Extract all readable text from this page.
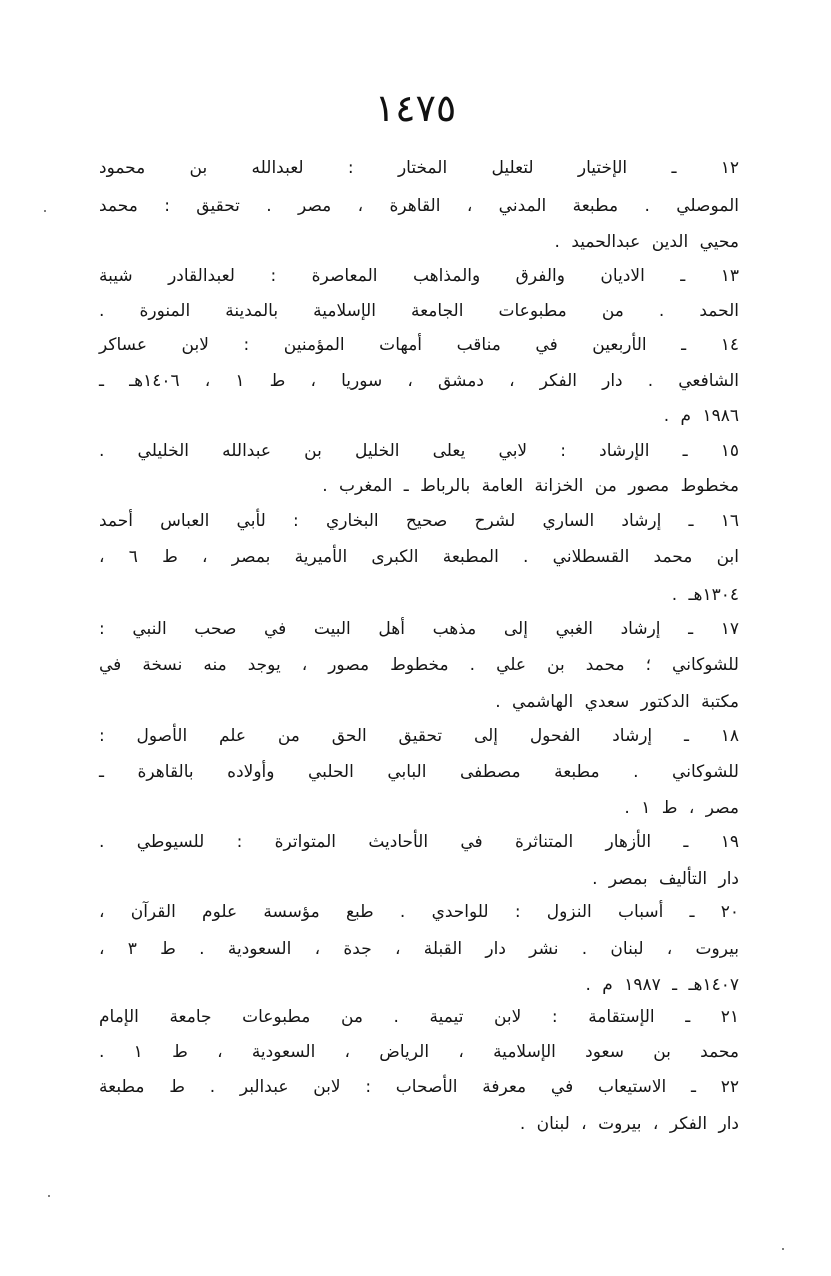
١٤٧٥
١٢ ـ الإختيار لتعليل المختار : لعبدالله بن محمود
الموصلي . مطبعة المدني ، القاهرة ، مصر . تحقيق : محمد
محيي الدين عبدالحميد .
١٣ ـ الاديان والفرق والمذاهب المعاصرة : لعبدالقادر شيبة
الحمد . من مطبوعات الجامعة الإسلامية بالمدينة المنورة .
١٤ ـ الأربعين في مناقب أمهات المؤمنين : لابن عساكر
الشافعي . دار الفكر ، دمشق ، سوريا ، ط ١ ، ١٤٠٦هـ ـ
١٩٨٦ م .
١٥ ـ الإرشاد : لابي يعلى الخليل بن عبدالله الخليلي .
مخطوط مصور من الخزانة العامة بالرباط ـ المغرب .
١٦ ـ إرشاد الساري لشرح صحيح البخاري : لأبي العباس أحمد
ابن محمد القسطلاني . المطبعة الكبرى الأميرية بمصر ، ط ٦ ،
١٣٠٤هـ .
١٧ ـ إرشاد الغبي إلى مذهب أهل البيت في صحب النبي :
للشوكاني ؛ محمد بن علي . مخطوط مصور ، يوجد منه نسخة في
مكتبة الدكتور سعدي الهاشمي .
١٨ ـ إرشاد الفحول إلى تحقيق الحق من علم الأصول :
للشوكاني . مطبعة مصطفى البابي الحلبي وأولاده بالقاهرة ـ
مصر ، ط ١ .
١٩ ـ الأزهار المتناثرة في الأحاديث المتواترة : للسيوطي .
دار التأليف بمصر .
٢٠ ـ أسباب النزول : للواحدي . طبع مؤسسة علوم القرآن ،
بيروت ، لبنان . نشر دار القبلة ، جدة ، السعودية . ط ٣ ،
١٤٠٧هـ ـ ١٩٨٧ م .
٢١ ـ الإستقامة : لابن تيمية . من مطبوعات جامعة الإمام
محمد بن سعود الإسلامية ، الرياض ، السعودية ، ط ١ .
٢٢ ـ الاستيعاب في معرفة الأصحاب : لابن عبدالبر . ط مطبعة
دار الفكر ، بيروت ، لبنان .
